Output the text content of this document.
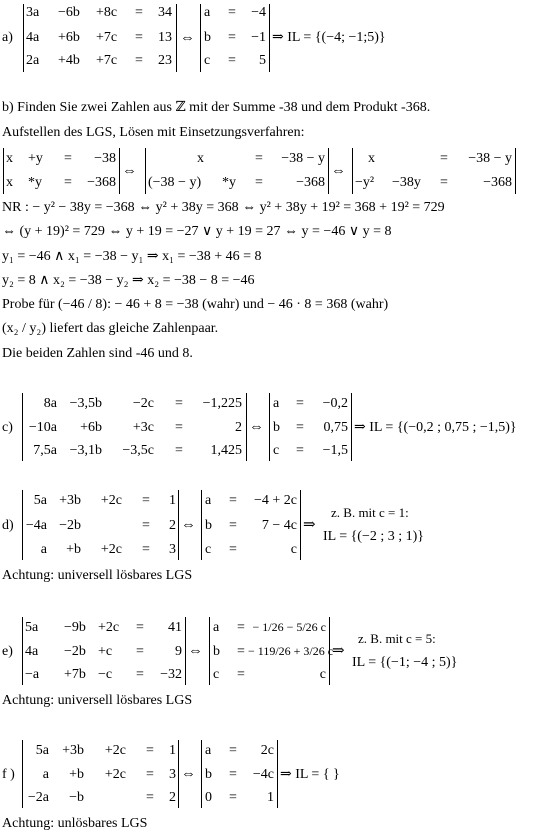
a)
3a −6b +8c =	34
4a +6b +7c =	13
2a +4b +7c =	23
⇔
a =	−4
b =	−1
c =	5
⇒ IL = {(−4; −1;5)}
b) Finden Sie zwei Zahlen aus ℤ mit der Summe -38 und dem Produkt -368.
Aufstellen des LGS, Lösen mit Einsetzungsverfahren:
x +y =	−38
x *y =	−368
⇔
x	=	−38 − y
(−38 − y) *y =	−368
⇔
x	=	−38 − y
−y² −38y =	−368
NR : − y² − 38y = −368 ⇔ y² + 38y = 368 ⇔ y² + 38y + 19² = 368 + 19² = 729
⇔ (y + 19)² = 729 ⇔ y + 19 = −27 ∨ y + 19 = 27 ⇔ y = −46 ∨ y = 8
y₁ = −46 ∧ x₁ = −38 − y₁ ⇒ x₁ = −38 + 46 = 8
y₂ = 8 ∧ x₂ = −38 − y₂ ⇒ x₂ = −38 − 8 = −46
Probe für (−46 / 8): − 46 + 8 = −38 (wahr) und − 46 · 8 = 368 (wahr)
(x₂ / y₂) liefert das gleiche Zahlenpaar.
Die beiden Zahlen sind -46 und 8.
c)
8a −3,5b	−2c =	−1,225
−10a	+6b	+3c =	2
7,5a −3,1b	−3,5c =	1,425
⇔
a =	−0,2
b =	0,75
c =	−1,5
⇒ IL = {(−0,2 ; 0,75 ; −1,5)}
d)
5a +3b	+2c =	1
−4a −2b	=	2
a	+b	+2c =	3
⇔
a =	−4 + 2c
b =	7 − 4c
c =	c
⇒
z. B. mit c = 1:
IL = {(−2 ; 3 ; 1)}
Achtung: universell lösbares LGS
e)
5a −9b +2c =	41
4a −2b +c =	9
−a +7b −c =	−32
⇔
a = − 1/26 − 5/26 c
b = − 119/26 + 3/26 c
c =	c
⇒
z. B. mit c = 5:
IL = {(−1; −4 ; 5)}
Achtung: universell lösbares LGS
f )
5a +3b	+2c =	1
a	+b	+2c =	3
−2a	−b	=	2
⇔
a =	2c
b =	−4c
0 =	1
⇒ IL = { }
Achtung: unlösbares LGS
